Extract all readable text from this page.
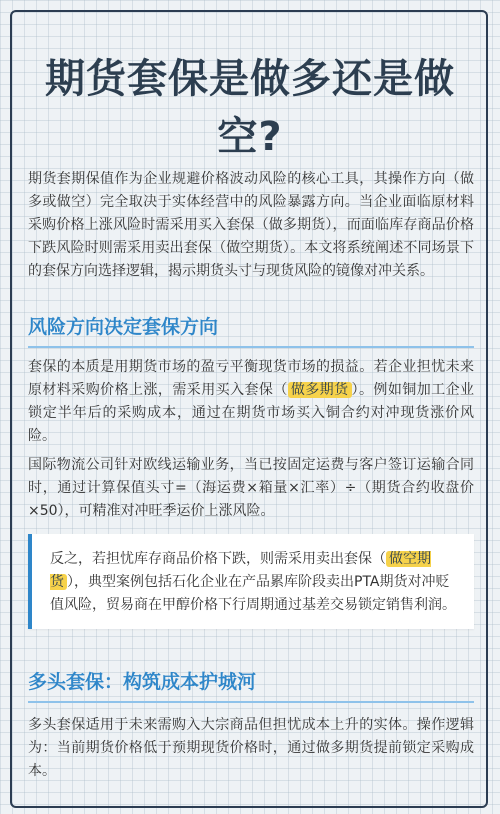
期货套保是做多还是做空?

期货套期保值作为企业规避价格波动风险的核心工具，其操作方向（做多或做空）完全取决于实体经营中的风险暴露方向。当企业面临原材料采购价格上涨风险时需采用买入套保（做多期货），而面临库存商品价格下跌风险时则需采用卖出套保（做空期货）。本文将系统阐述不同场景下的套保方向选择逻辑，揭示期货头寸与现货风险的镜像对冲关系。

风险方向决定套保方向

套保的本质是用期货市场的盈亏平衡现货市场的损益。若企业担忧未来原材料采购价格上涨，需采用买入套保（ 做多期货 ）。例如铜加工企业锁定半年后的采购成本，通过在期货市场买入铜合约对冲现货涨价风险。

国际物流公司针对欧线运输业务，当已按固定运费与客户签订运输合同时，通过计算保值头寸=（海运费×箱量×汇率）÷（期货合约收盘价×50），可精准对冲旺季运价上涨风险。

反之，若担忧库存商品价格下跌，则需采用卖出套保（ 做空期货 ），典型案例包括石化企业在产品累库阶段卖出PTA期货对冲贬值风险，贸易商在甲醇价格下行周期通过基差交易锁定销售利润。

多头套保：构筑成本护城河

多头套保适用于未来需购入大宗商品但担忧成本上升的实体。操作逻辑为：当前期货价格低于预期现货价格时，通过做多期货提前锁定采购成本。
